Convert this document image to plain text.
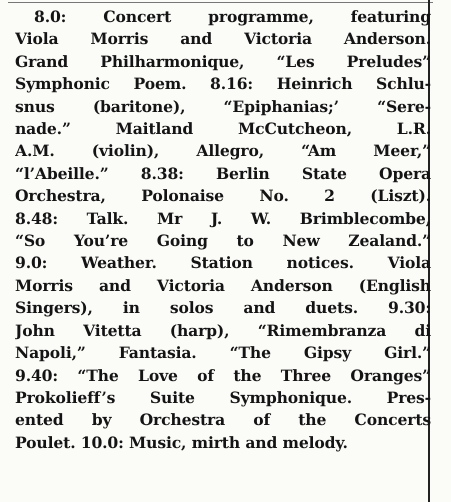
8.0: Concert programme, featuring
Viola Morris and Victoria Anderson.
Grand Philharmonique, “Les Preludes”
Symphonic Poem. 8.16: Heinrich Schlu-
snus (baritone), “Epiphanias;’ “Sere-
nade.” Maitland McCutcheon, L.R.
A.M. (violin), Allegro, “Am Meer,”
“l’Abeille.” 8.38: Berlin State Opera
Orchestra, Polonaise No. 2 (Liszt).
8.48: Talk. Mr J. W. Brimblecombe,
“So You’re Going to New Zealand.”
9.0: Weather. Station notices. Viola
Morris and Victoria Anderson (English
Singers), in solos and duets. 9.30:
John Vitetta (harp), “Rimembranza di
Napoli,” Fantasia. “The Gipsy Girl.”
9.40: “The Love of the Three Oranges”
Prokolieff’s Suite Symphonique. Pres-
ented by Orchestra of the Concerts
Poulet. 10.0: Music, mirth and melody.
